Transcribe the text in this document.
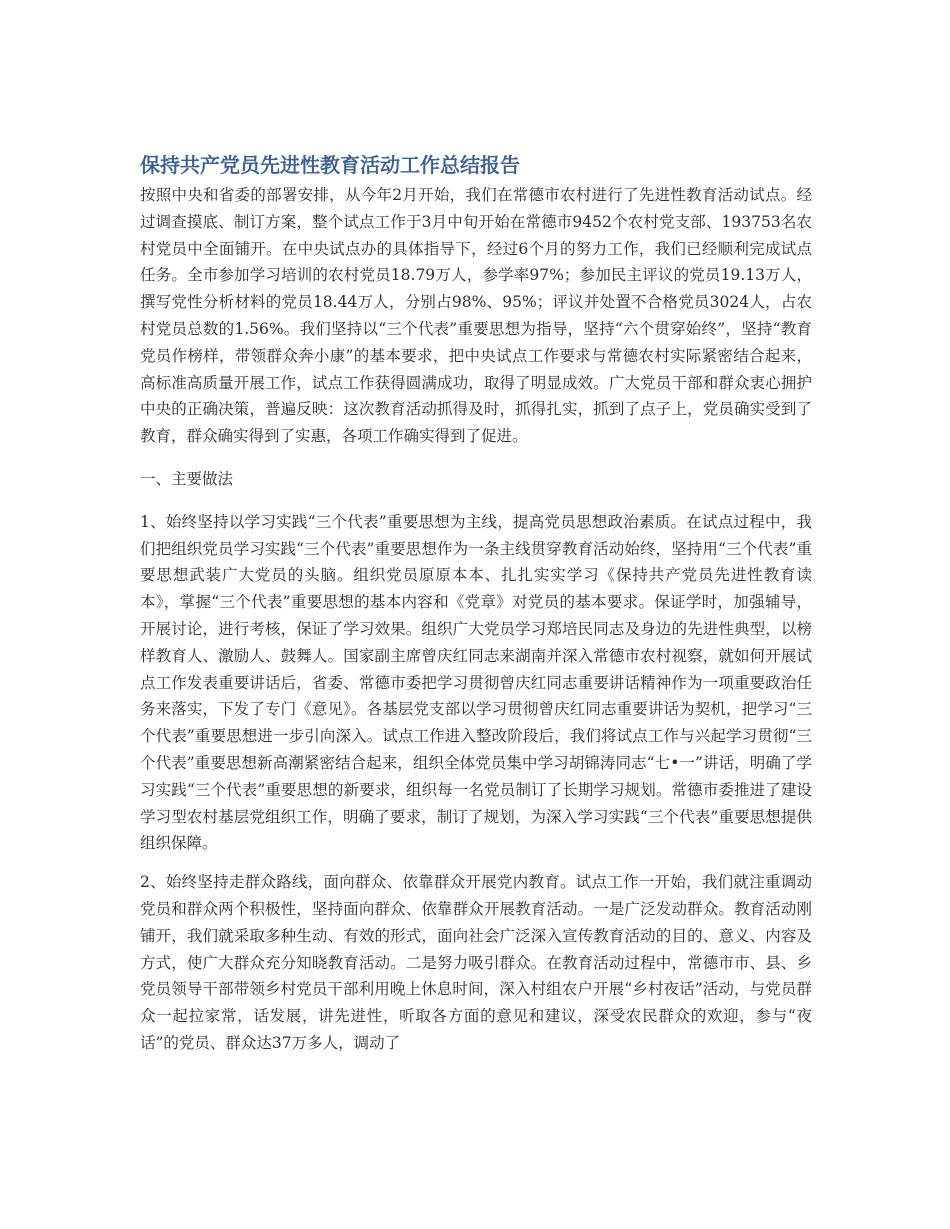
保持共产党员先进性教育活动工作总结报告

按照中央和省委的部署安排，从今年2月开始，我们在常德市农村进行了先进性教育活动试点。经过调查摸底、制订方案，整个试点工作于3月中旬开始在常德市9452个农村党支部、193753名农村党员中全面铺开。在中央试点办的具体指导下，经过6个月的努力工作，我们已经顺利完成试点任务。全市参加学习培训的农村党员18.79万人，参学率97%；参加民主评议的党员19.13万人，撰写党性分析材料的党员18.44万人，分别占98%、95%；评议并处置不合格党员3024人，占农村党员总数的1.56%。我们坚持以“三个代表”重要思想为指导，坚持“六个贯穿始终”，坚持“教育党员作榜样，带领群众奔小康”的基本要求，把中央试点工作要求与常德农村实际紧密结合起来，高标准高质量开展工作，试点工作获得圆满成功，取得了明显成效。广大党员干部和群众衷心拥护中央的正确决策，普遍反映：这次教育活动抓得及时，抓得扎实，抓到了点子上，党员确实受到了教育，群众确实得到了实惠，各项工作确实得到了促进。

一、主要做法

1、始终坚持以学习实践“三个代表”重要思想为主线，提高党员思想政治素质。在试点过程中，我们把组织党员学习实践“三个代表”重要思想作为一条主线贯穿教育活动始终，坚持用“三个代表”重要思想武装广大党员的头脑。组织党员原原本本、扎扎实实学习《保持共产党员先进性教育读本》，掌握“三个代表”重要思想的基本内容和《党章》对党员的基本要求。保证学时，加强辅导，开展讨论，进行考核，保证了学习效果。组织广大党员学习郑培民同志及身边的先进性典型，以榜样教育人、激励人、鼓舞人。国家副主席曾庆红同志来湖南并深入常德市农村视察，就如何开展试点工作发表重要讲话后，省委、常德市委把学习贯彻曾庆红同志重要讲话精神作为一项重要政治任务来落实，下发了专门《意见》。各基层党支部以学习贯彻曾庆红同志重要讲话为契机，把学习“三个代表”重要思想进一步引向深入。试点工作进入整改阶段后，我们将试点工作与兴起学习贯彻“三个代表”重要思想新高潮紧密结合起来，组织全体党员集中学习胡锦涛同志“七•一”讲话，明确了学习实践“三个代表”重要思想的新要求，组织每一名党员制订了长期学习规划。常德市委推进了建设学习型农村基层党组织工作，明确了要求，制订了规划，为深入学习实践“三个代表”重要思想提供组织保障。

2、始终坚持走群众路线，面向群众、依靠群众开展党内教育。试点工作一开始，我们就注重调动党员和群众两个积极性，坚持面向群众、依靠群众开展教育活动。一是广泛发动群众。教育活动刚铺开，我们就采取多种生动、有效的形式，面向社会广泛深入宣传教育活动的目的、意义、内容及方式，使广大群众充分知晓教育活动。二是努力吸引群众。在教育活动过程中，常德市市、县、乡党员领导干部带领乡村党员干部利用晚上休息时间，深入村组农户开展“乡村夜话”活动，与党员群众一起拉家常，话发展，讲先进性，听取各方面的意见和建议，深受农民群众的欢迎，参与“夜话”的党员、群众达37万多人，调动了
